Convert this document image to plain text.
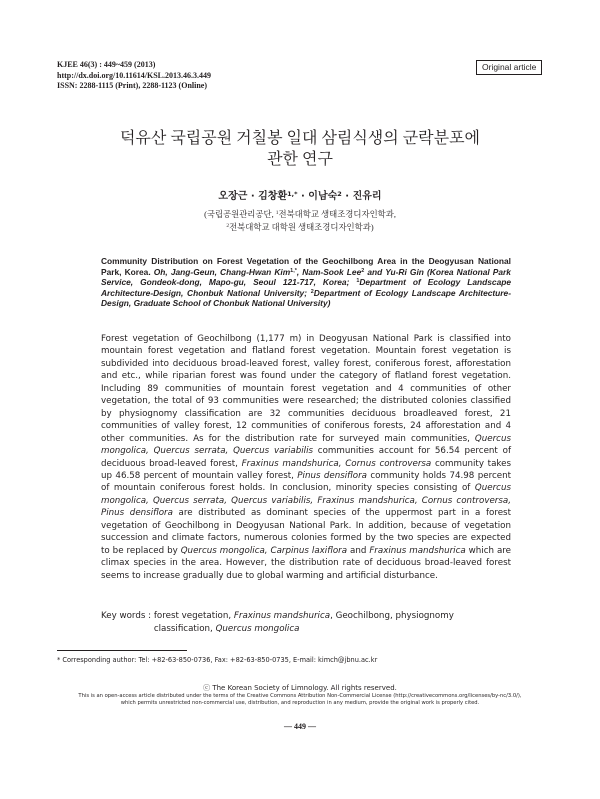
KJEE 46(3) : 449~459 (2013)
http://dx.doi.org/10.11614/KSL.2013.46.3.449
ISSN: 2288-1115 (Print), 2288-1123 (Online)
Original article
덕유산 국립공원 거칠봉 일대 삼림식생의 군락분포에
관한 연구
오장근 · 김창환$^{1,*}$ · 이남숙$^2$ · 진유리
(국립공원관리공단, $^1$전북대학교 생태조경디자인학과,
$^2$전북대학교 대학원 생태조경디자인학과)
Community Distribution on Forest Vegetation of the Geochilbong Area in the Deogyusan National Park, Korea. Oh, Jang-Geun, Chang-Hwan Kim$^{1,*}$, Nam-Sook Lee$^2$ and Yu-Ri Gin (Korea National Park Service, Gondeok-dong, Mapo-gu, Seoul 121-717, Korea; $^1$Department of Ecology Landscape Architecture-Design, Chonbuk National University; $^2$Department of Ecology Landscape Architecture-Design, Graduate School of Chonbuk National University)
Forest vegetation of Geochilbong (1,177 m) in Deogyusan National Park is classified into mountain forest vegetation and flatland forest vegetation. Mountain forest vegetation is subdivided into deciduous broad-leaved forest, valley forest, coniferous forest, afforestation and etc., while riparian forest was found under the category of flatland forest vegetation. Including 89 communities of mountain forest vegetation and 4 communities of other vegetation, the total of 93 communities were researched; the distributed colonies classified by physiognomy classification are 32 communities deciduous broadleaved forest, 21 communities of valley forest, 12 communities of coniferous forests, 24 afforestation and 4 other communities. As for the distribution rate for surveyed main communities, Quercus mongolica, Quercus serrata, Quercus variabilis communities account for 56.54 percent of deciduous broad-leaved forest, Fraxinus mandshurica, Cornus controversa community takes up 46.58 percent of mountain valley forest, Pinus densiflora community holds 74.98 percent of mountain coniferous forest holds. In conclusion, minority species consisting of Quercus mongolica, Quercus serrata, Quercus variabilis, Fraxinus mandshurica, Cornus controversa, Pinus densiflora are distributed as dominant species of the uppermost part in a forest vegetation of Geochilbong in Deogyusan National Park. In addition, because of vegetation succession and climate factors, numerous colonies formed by the two species are expected to be replaced by Quercus mongolica, Carpinus laxiflora and Fraxinus mandshurica which are climax species in the area. However, the distribution rate of deciduous broad-leaved forest seems to increase gradually due to global warming and artificial disturbance.
Key words : forest vegetation, Fraxinus mandshurica, Geochilbong, physiognomy classification, Quercus mongolica
* Corresponding author: Tel: +82-63-850-0736, Fax: +82-63-850-0735, E-mail: kimch@jbnu.ac.kr
ⓒ The Korean Society of Limnology. All rights reserved.
This is an open-access article distributed under the terms of the Creative Commons Attribution Non-Commercial License (http://creativecommons.org/licenses/by-nc/3.0/),
which permits unrestricted non-commercial use, distribution, and reproduction in any medium, provide the original work is properly cited.
— 449 —
